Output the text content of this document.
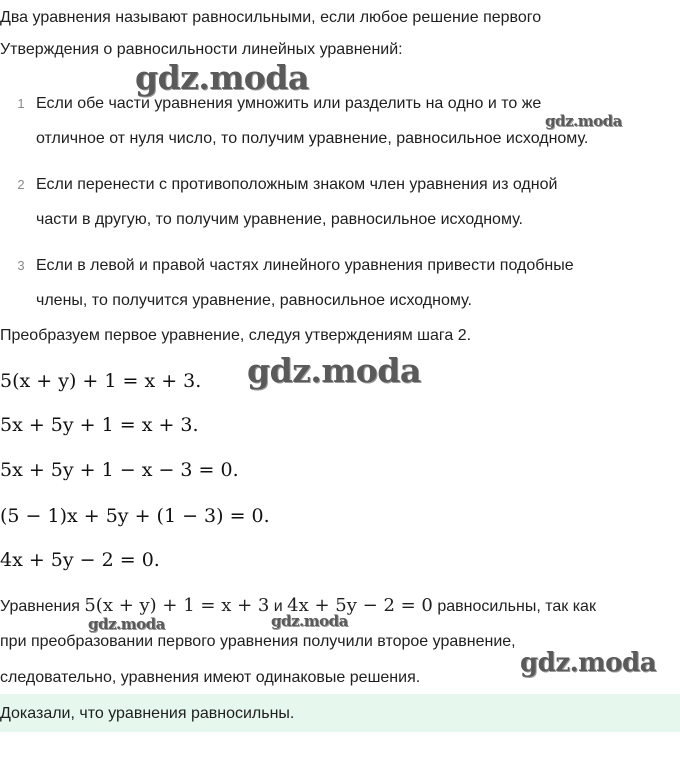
Два уравнения называют равносильными, если любое решение первого
Утверждения о равносильности линейных уравнений:
1 Если обе части уравнения умножить или разделить на одно и то же
отличное от нуля число, то получим уравнение, равносильное исходному.
2 Если перенести с противоположным знаком член уравнения из одной
части в другую, то получим уравнение, равносильное исходному.
3 Если в левой и правой частях линейного уравнения привести подобные
члены, то получится уравнение, равносильное исходному.
Преобразуем первое уравнение, следуя утверждениям шага 2.
5(x + y) + 1 = x + 3.
5x + 5y + 1 = x + 3.
5x + 5y + 1 − x − 3 = 0.
(5 − 1)x + 5y + (1 − 3) = 0.
4x + 5y − 2 = 0.
Уравнения 5(x + y) + 1 = x + 3 и 4x + 5y − 2 = 0 равносильны, так как
при преобразовании первого уравнения получили второе уравнение,
следовательно, уравнения имеют одинаковые решения.
Доказали, что уравнения равносильны.
gdz.moda
gdz.moda
gdz.moda
gdz.moda	gdz.moda
gdz.moda
